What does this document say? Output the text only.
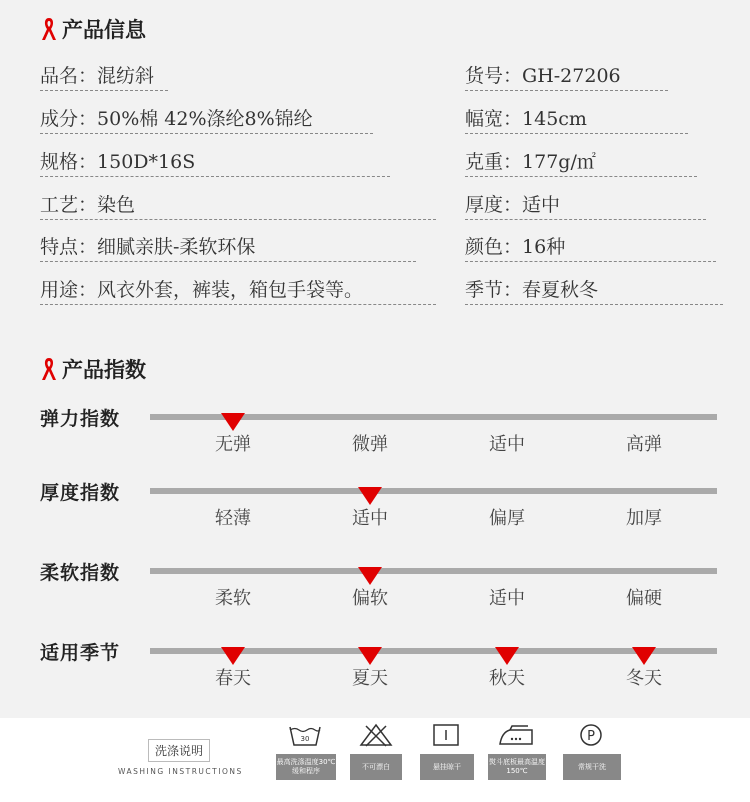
产品信息
品名：混纺斜
成分：50%棉 42%涤纶8%锦纶
规格：150D*16S
工艺：染色
特点：细腻亲肤-柔软环保
用途：风衣外套，裤装，箱包手袋等。
货号：GH-27206
幅宽：145cm
克重：177g/㎡
厚度：适中
颜色：16种
季节：春夏秋冬
产品指数
弹力指数
无弹	微弹	适中	高弹
厚度指数
轻薄	适中	偏厚	加厚
柔软指数
柔软	偏软	适中	偏硬
适用季节
春天	夏天	秋天	冬天
洗涤说明
WASHING INSTRUCTIONS
30	P
最高洗涤温度30℃缓和程序
不可漂白	悬挂晾干
熨斗底板最高温度150℃
常规干洗
